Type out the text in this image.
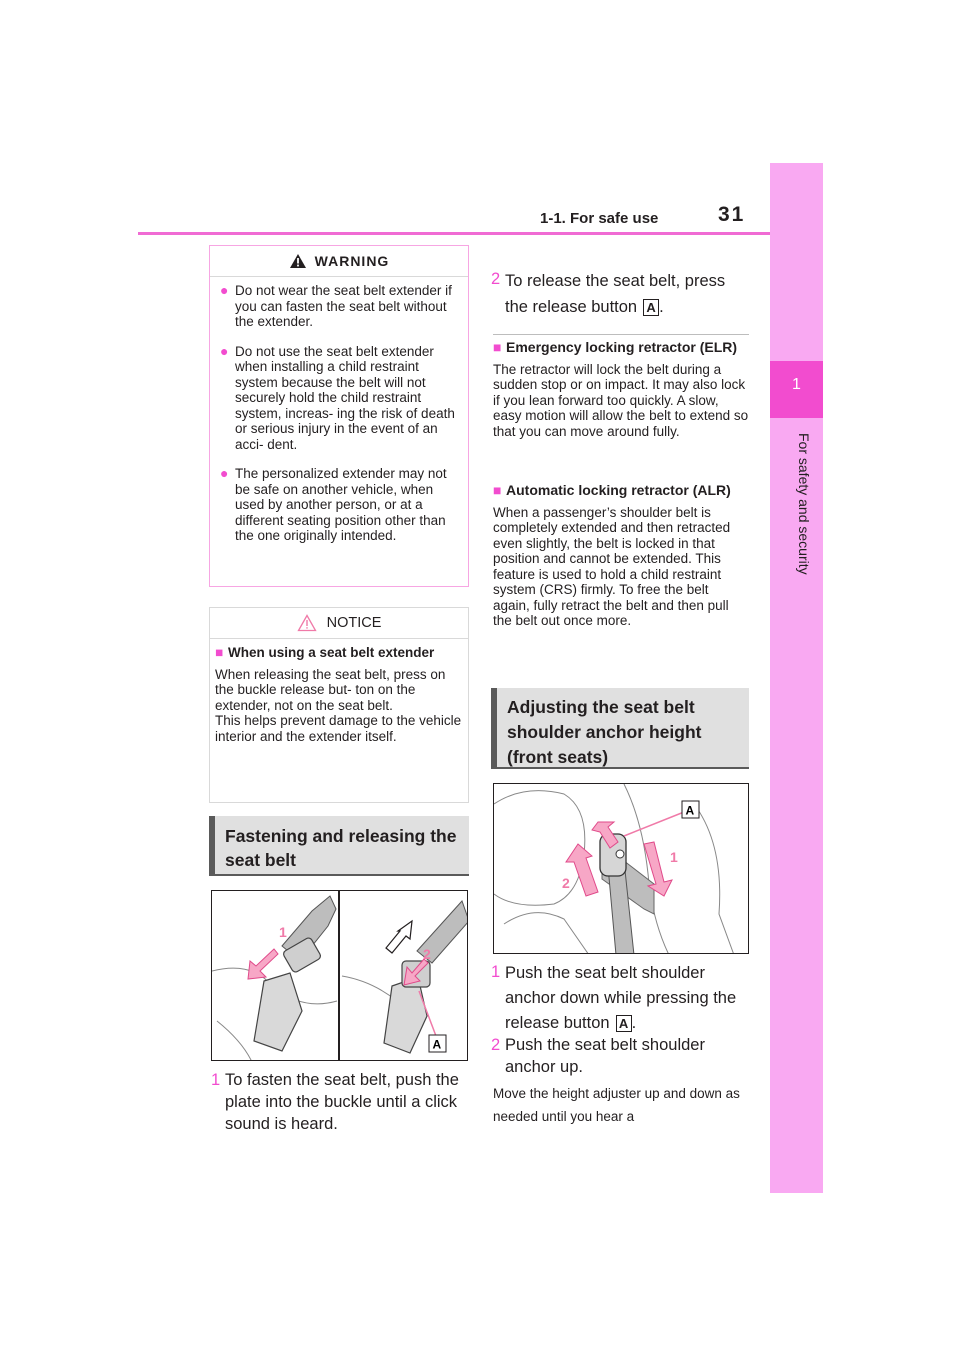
1-1. For safe use	31
1
For safety and security
WARNING
● Do not wear the seat belt extender if you can fasten the seat belt without the extender.
● Do not use the seat belt extender when installing a child restraint system because the belt will not securely hold the child restraint system, increas- ing the risk of death or serious injury in the event of an acci- dent.
● The personalized extender may not be safe on another vehicle, when used by another person, or at a different seating position other than the one originally intended.
NOTICE
■ When using a seat belt extender
When releasing the seat belt, press on the buckle release but- ton on the extender, not on the seat belt.
This helps prevent damage to the vehicle interior and the extender itself.
Fastening and releasing the seat belt
1
2
A
1 To fasten the seat belt, push the plate into the buckle until a click sound is heard.
2 To release the seat belt, press the release button A .
■ Emergency locking retractor (ELR)
The retractor will lock the belt during a sudden stop or on impact. It may also lock if you lean forward too quickly. A slow, easy motion will allow the belt to extend so that you can move around fully.
■ Automatic locking retractor (ALR)
When a passenger’s shoulder belt is completely extended and then retracted even slightly, the belt is locked in that position and cannot be extended. This feature is used to hold a child restraint system (CRS) firmly. To free the belt again, fully retract the belt and then pull the belt out once more.
Adjusting the seat belt shoulder anchor height (front seats)
2
1
A
1 Push the seat belt shoulder anchor down while pressing the release button A .
2 Push the seat belt shoulder anchor up.
Move the height adjuster up and down as needed until you hear a
